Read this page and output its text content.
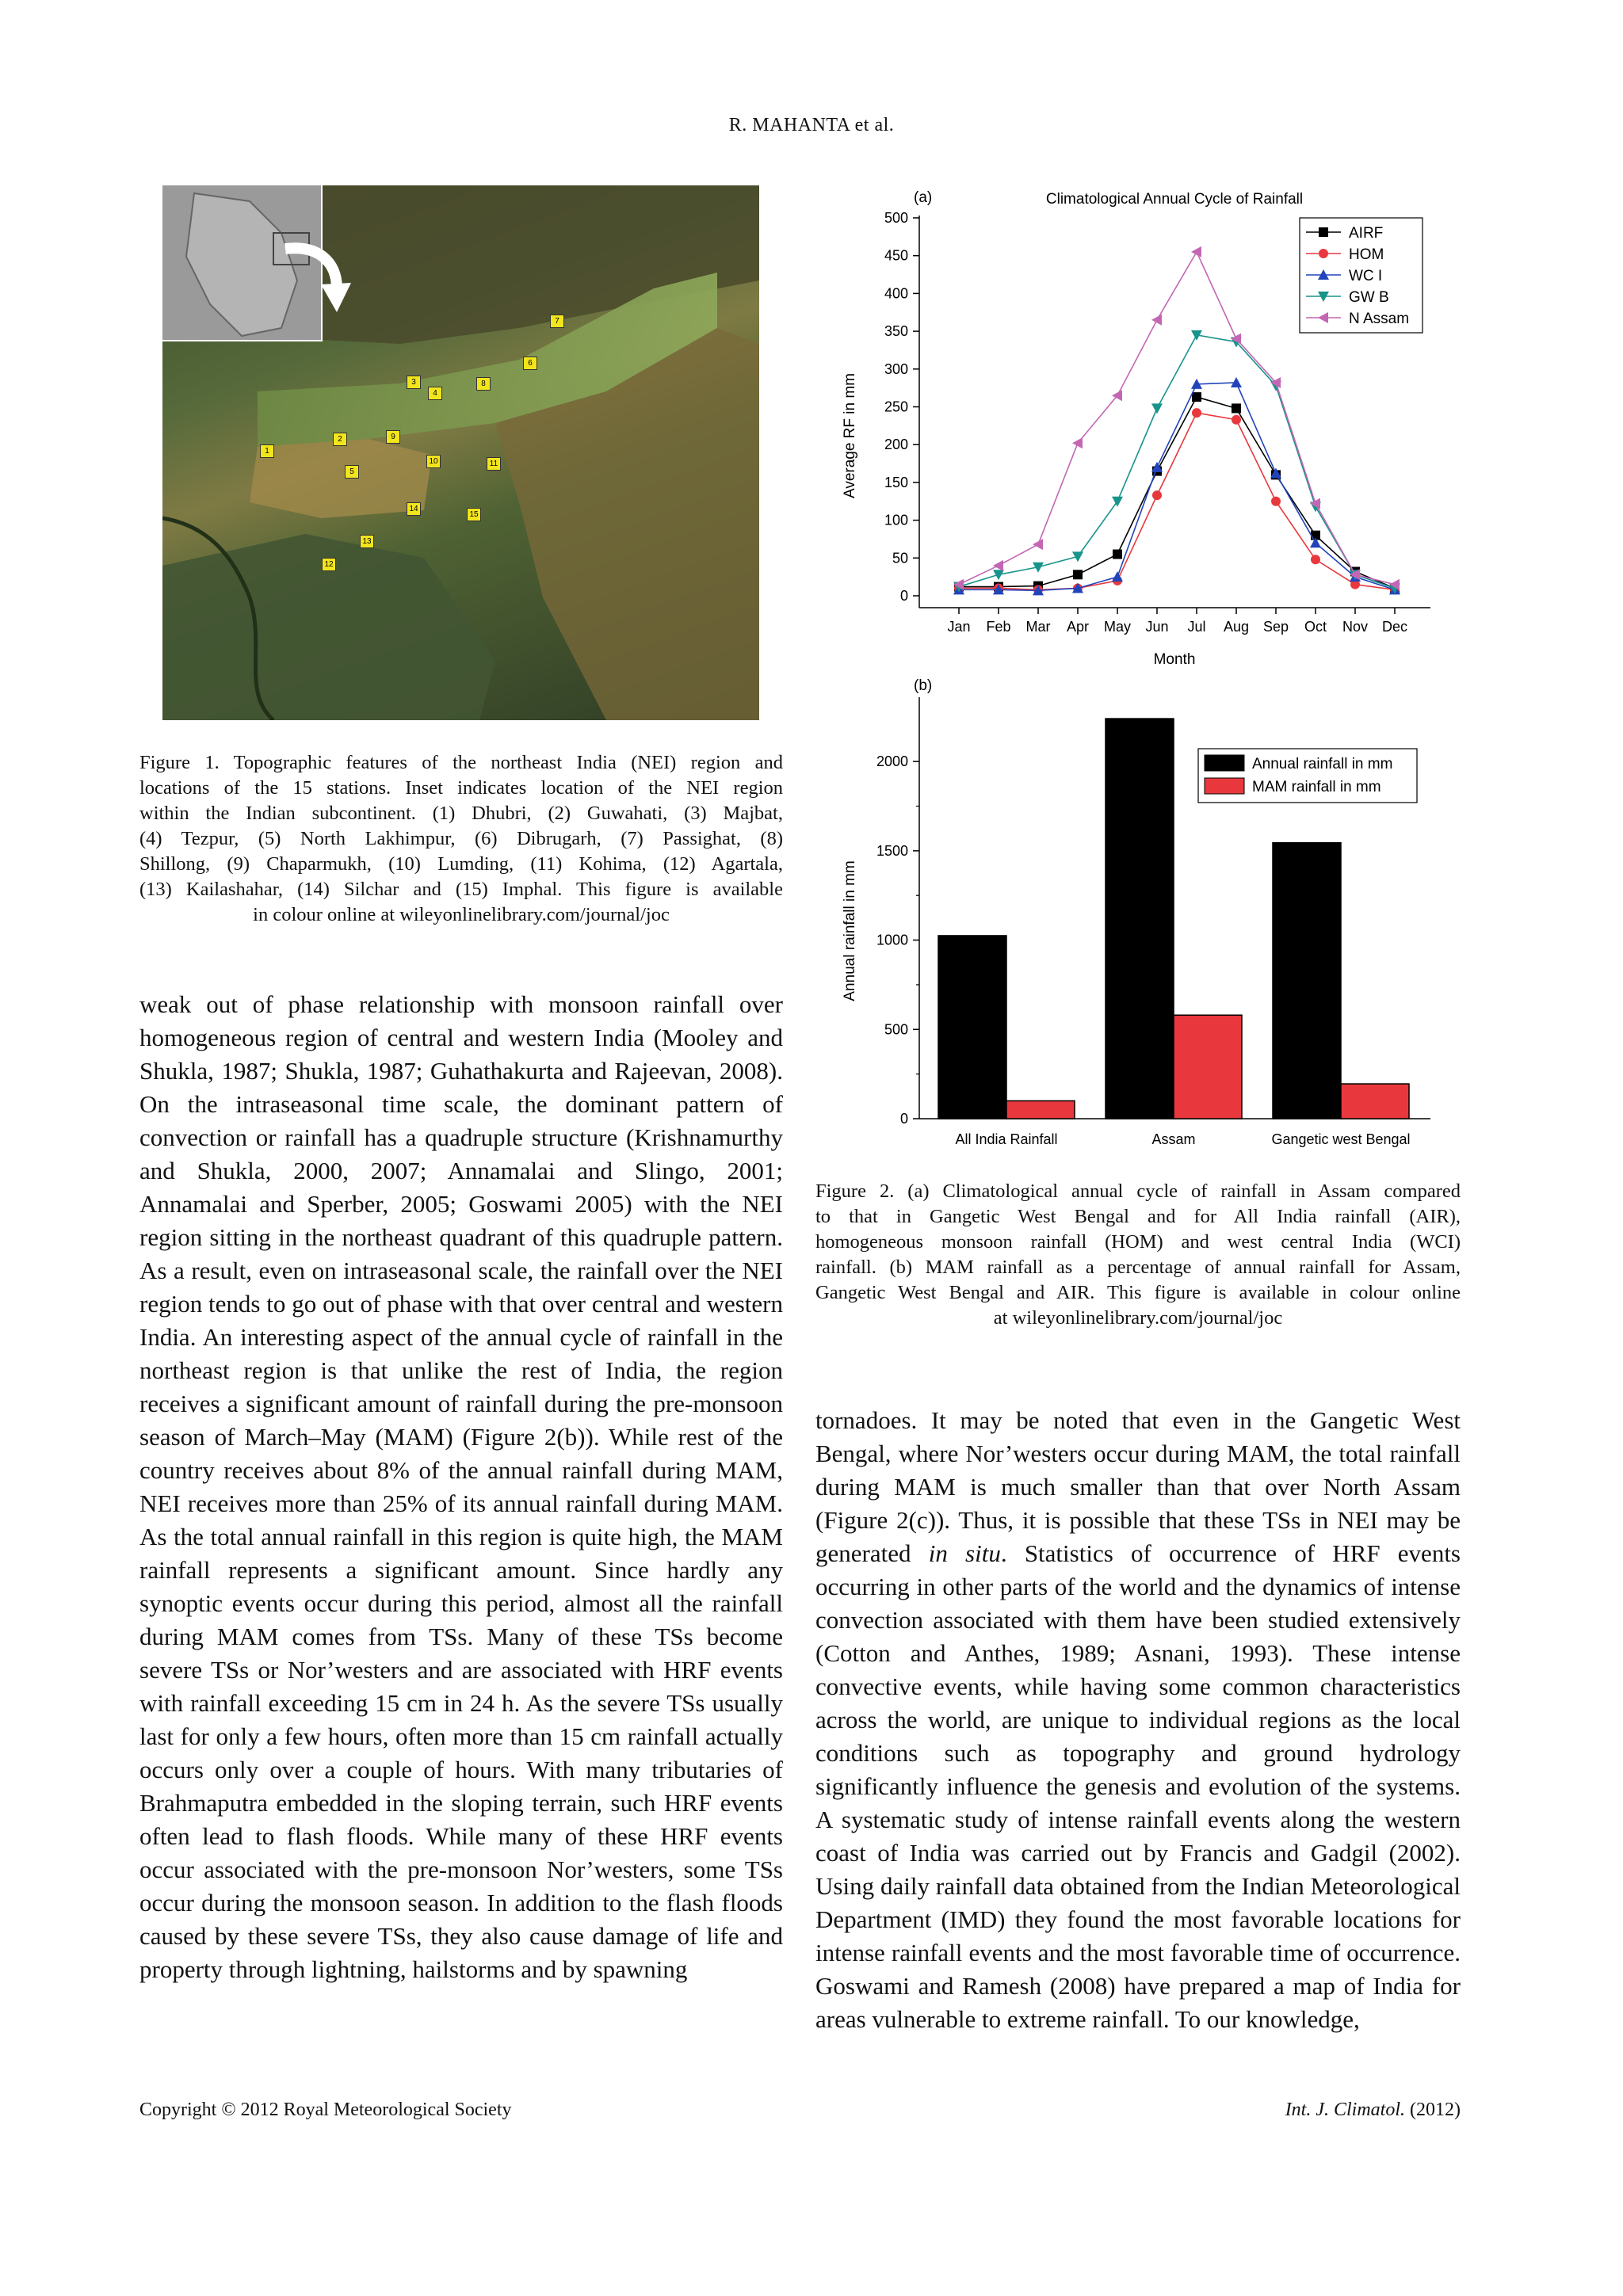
R. MAHANTA et al.
1
2
3
4
5
6
7
8
9
10	11
12
13
14
15
Figure 1. Topographic features of the northeast India (NEI) region and
locations of the 15 stations. Inset indicates location of the NEI region
within the Indian subcontinent. (1) Dhubri, (2) Guwahati, (3) Majbat,
(4) Tezpur, (5) North Lakhimpur, (6) Dibrugarh, (7) Passighat, (8)
Shillong, (9) Chaparmukh, (10) Lumding, (11) Kohima, (12) Agartala,
(13) Kailashahar, (14) Silchar and (15) Imphal. This figure is available
in colour online at wileyonlinelibrary.com/journal/joc
(a)	Climatological Annual Cycle of Rainfall
Average RF in mm
Month
0
50
100
150
200
250
300
350
400
450
500
Jan Feb Mar Apr May Jun Jul Aug Sep Oct Nov Dec
AIRF
HOM
WC I
GW B
N Assam
(b)
Annual rainfall in mm
0
500
1000
1500
2000
All India Rainfall	Assam	Gangetic west Bengal
Annual rainfall in mm
MAM rainfall in mm
Figure 2. (a) Climatological annual cycle of rainfall in Assam compared
to that in Gangetic West Bengal and for All India rainfall (AIR),
homogeneous monsoon rainfall (HOM) and west central India (WCI)
rainfall. (b) MAM rainfall as a percentage of annual rainfall for Assam,
Gangetic West Bengal and AIR. This figure is available in colour online
at wileyonlinelibrary.com/journal/joc
weak out of phase relationship with monsoon rainfall over homogeneous region of central and western India (Mooley and Shukla, 1987; Shukla, 1987; Guhathakurta and Rajeevan, 2008). On the intraseasonal time scale, the dominant pattern of convection or rainfall has a quadruple structure (Krishnamurthy and Shukla, 2000, 2007; Annamalai and Slingo, 2001; Annamalai and Sperber, 2005; Goswami 2005) with the NEI region sitting in the northeast quadrant of this quadruple pattern. As a result, even on intraseasonal scale, the rainfall over the NEI region tends to go out of phase with that over central and western India. An interesting aspect of the annual cycle of rainfall in the northeast region is that unlike the rest of India, the region receives a significant amount of rainfall during the pre-monsoon season of March–May (MAM) (Figure 2(b)). While rest of the country receives about 8% of the annual rainfall during MAM, NEI receives more than 25% of its annual rainfall during MAM. As the total annual rainfall in this region is quite high, the MAM rainfall represents a significant amount. Since hardly any synoptic events occur during this period, almost all the rainfall during MAM comes from TSs. Many of these TSs become severe TSs or Nor’westers and are associated with HRF events with rainfall exceeding 15 cm in 24 h. As the severe TSs usually last for only a few hours, often more than 15 cm rainfall actually occurs only over a couple of hours. With many tributaries of Brahmaputra embedded in the sloping terrain, such HRF events often lead to flash floods. While many of these HRF events occur associated with the pre-monsoon Nor’westers, some TSs occur during the monsoon season. In addition to the flash floods caused by these severe TSs, they also cause damage of life and property through lightning, hailstorms and by spawning
tornadoes. It may be noted that even in the Gangetic West Bengal, where Nor’westers occur during MAM, the total rainfall during MAM is much smaller than that over North Assam (Figure 2(c)). Thus, it is possible that these TSs in NEI may be generated in situ. Statistics of occurrence of HRF events occurring in other parts of the world and the dynamics of intense convection associated with them have been studied extensively (Cotton and Anthes, 1989; Asnani, 1993). These intense convective events, while having some common characteristics across the world, are unique to individual regions as the local conditions such as topography and ground hydrology significantly influence the genesis and evolution of the systems. A systematic study of intense rainfall events along the western coast of India was carried out by Francis and Gadgil (2002). Using daily rainfall data obtained from the Indian Meteorological Department (IMD) they found the most favorable locations for intense rainfall events and the most favorable time of occurrence. Goswami and Ramesh (2008) have prepared a map of India for areas vulnerable to extreme rainfall. To our knowledge,
Copyright © 2012 Royal Meteorological Society	Int. J. Climatol. (2012)
